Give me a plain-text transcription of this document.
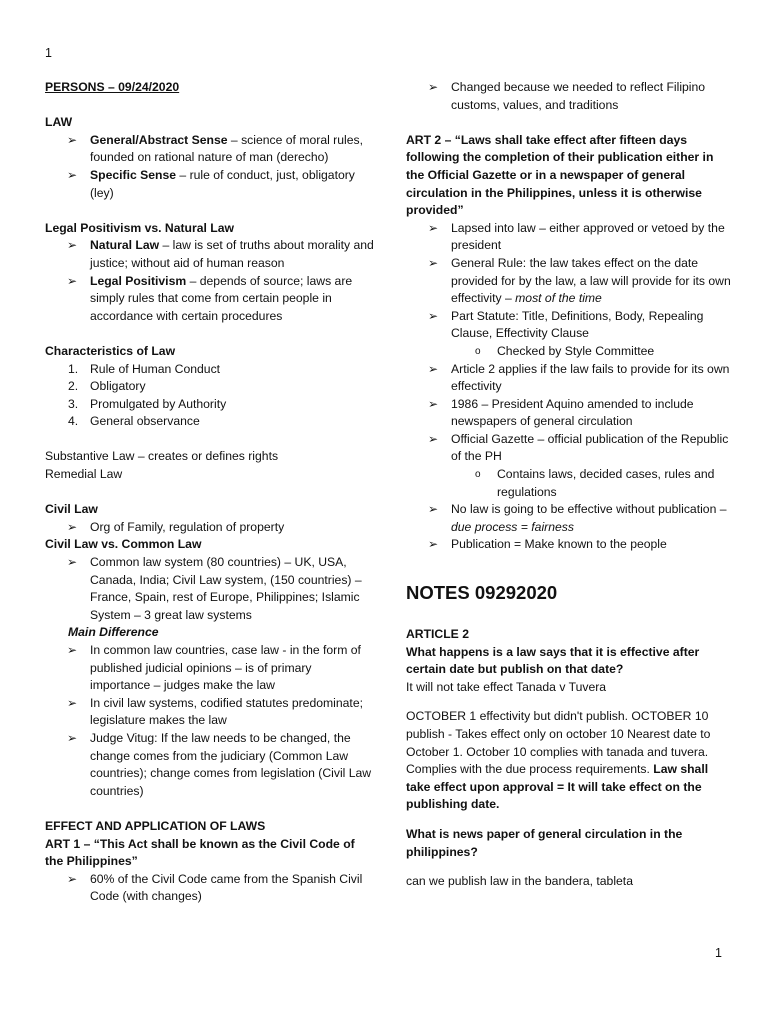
1

PERSONS – 09/24/2020

LAW

➢ General/Abstract Sense – science of moral rules, founded on rational nature of man (derecho)
➢ Specific Sense – rule of conduct, just, obligatory (ley)

Legal Positivism vs. Natural Law

➢ Natural Law – law is set of truths about morality and justice; without aid of human reason
➢ Legal Positivism – depends of source; laws are simply rules that come from certain people in accordance with certain procedures

Characteristics of Law

1. Rule of Human Conduct
2. Obligatory
3. Promulgated by Authority
4. General observance

Substantive Law – creates or defines rights

Remedial Law

Civil Law

➢ Org of Family, regulation of property

Civil Law vs. Common Law

➢ Common law system (80 countries) – UK, USA, Canada, India; Civil Law system, (150 countries) – France, Spain, rest of Europe, Philippines; Islamic System – 3 great law systems

Main Difference

➢ In common law countries, case law - in the form of published judicial opinions – is of primary importance – judges make the law
➢ In civil law systems, codified statutes predominate; legislature makes the law
➢ Judge Vitug: If the law needs to be changed, the change comes from the judiciary (Common Law countries); change comes from legislation (Civil Law countries)

EFFECT AND APPLICATION OF LAWS

ART 1 – “This Act shall be known as the Civil Code of the Philippines”

➢ 60% of the Civil Code came from the Spanish Civil Code (with changes)
➢ Changed because we needed to reflect Filipino customs, values, and traditions

ART 2 – “Laws shall take effect after fifteen days following the completion of their publication either in the Official Gazette or in a newspaper of general circulation in the Philippines, unless it is otherwise provided”

➢ Lapsed into law – either approved or vetoed by the president
➢ General Rule: the law takes effect on the date provided for by the law, a law will provide for its own effectivity – most of the time
➢ Part Statute: Title, Definitions, Body, Repealing Clause, Effectivity Clause
o Checked by Style Committee
➢ Article 2 applies if the law fails to provide for its own effectivity
➢ 1986 – President Aquino amended to include newspapers of general circulation
➢ Official Gazette – official publication of the Republic of the PH
o Contains laws, decided cases, rules and regulations
➢ No law is going to be effective without publication – due process = fairness
➢ Publication = Make known to the people

NOTES 09292020

ARTICLE 2

What happens is a law says that it is effective after certain date but publish on that date?

It will not take effect Tanada v Tuvera

OCTOBER 1 effectivity but didn't publish. OCTOBER 10 publish - Takes effect only on october 10 Nearest date to October 1. October 10 complies with tanada and tuvera. Complies with the due process requirements. Law shall take effect upon approval = It will take effect on the publishing date.

What is news paper of general circulation in the philippines?

can we publish law in the bandera, tableta

1
